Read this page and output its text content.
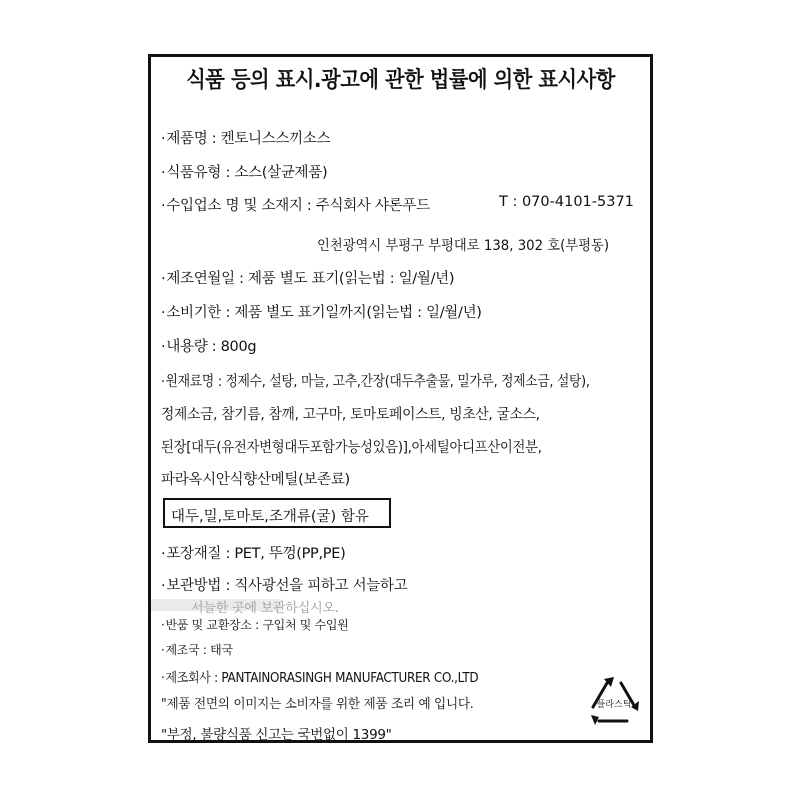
식품 등의 표시.광고에 관한 법률에 의한 표시사항
· 제품명 : 켄토니스스끼소스
· 식품유형 : 소스(살균제품)
· 수입업소 명 및 소재지 : 주식회사 샤론푸드	T : 070-4101-5371
인천광역시 부평구 부평대로 138, 302 호(부평동)
· 제조연월일 : 제품 별도 표기(읽는법 : 일/월/년)
· 소비기한 : 제품 별도 표기일까지(읽는법 : 일/월/년)
· 내용량 : 800g
· 원재료명 : 정제수, 설탕, 마늘, 고추,간장(대두추출물, 밀가루, 정제소금, 설탕),
정제소금, 참기름, 참깨, 고구마, 토마토페이스트, 빙초산, 굴소스,
된장[대두(유전자변형대두포함가능성있음)],아세틸아디프산이전분,
파라옥시안식향산메틸(보존료)
대두,밀,토마토,조개류(굴) 함유
· 포장재질 : PET, 뚜껑(PP,PE)
· 보관방법 : 직사광선을 피하고 서늘하고
서늘한 곳에 보관하십시오.
· 반품 및 교환장소 : 구입처 및 수입원
· 제조국 : 태국
· 제조회사 : PANTAINORASINGH MANUFACTURER CO.,LTD
"제품 전면의 이미지는 소비자를 위한 제품 조리 예 입니다.
"부정, 불량식품 신고는 국번없이 1399"
플라스틱
